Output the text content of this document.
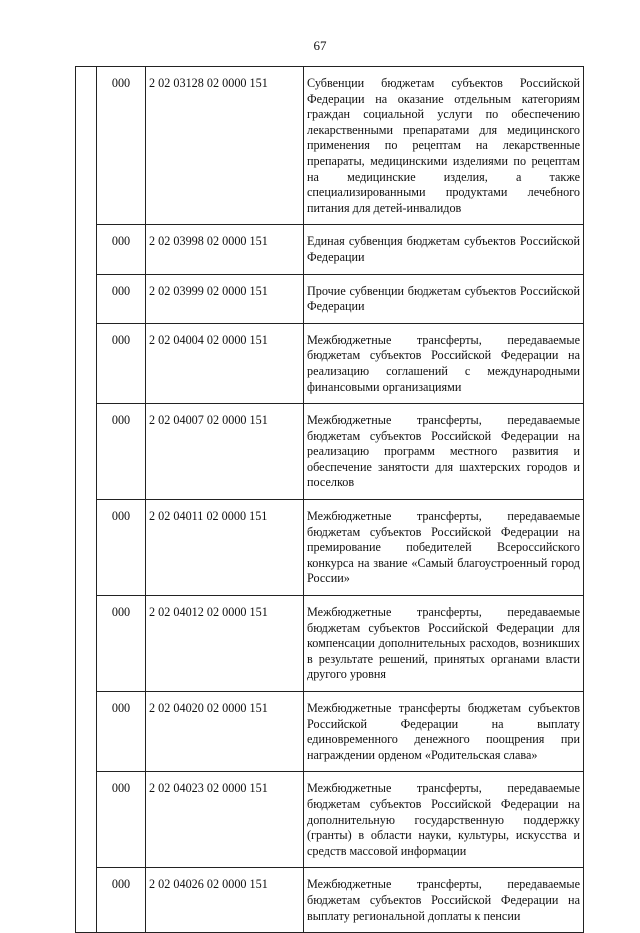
67
	000	2 02 03128 02 0000 151	Субвенции бюджетам субъектов Российской Федерации на оказание отдельным категориям граждан социальной услуги по обеспечению лекарственными препаратами для медицинского применения по рецептам на лекарственные препараты, медицинскими изделиями по рецептам на медицинские изделия, а также специализированными продуктами лечебного питания для детей-инвалидов
	000	2 02 03998 02 0000 151	Единая субвенция бюджетам субъектов Российской Федерации
	000	2 02 03999 02 0000 151	Прочие субвенции бюджетам субъектов Российской Федерации
	000	2 02 04004 02 0000 151	Межбюджетные трансферты, передаваемые бюджетам субъектов Российской Федерации на реализацию соглашений с международными финансовыми организациями
	000	2 02 04007 02 0000 151	Межбюджетные трансферты, передаваемые бюджетам субъектов Российской Федерации на реализацию программ местного развития и обеспечение занятости для шахтерских городов и поселков
	000	2 02 04011 02 0000 151	Межбюджетные трансферты, передаваемые бюджетам субъектов Российской Федерации на премирование победителей Всероссийского конкурса на звание «Самый благоустроенный город России»
	000	2 02 04012 02 0000 151	Межбюджетные трансферты, передаваемые бюджетам субъектов Российской Федерации для компенсации дополнительных расходов, возникших в результате решений, принятых органами власти другого уровня
	000	2 02 04020 02 0000 151	Межбюджетные трансферты бюджетам субъектов Российской Федерации на выплату единовременного денежного поощрения при награждении орденом «Родительская слава»
	000	2 02 04023 02 0000 151	Межбюджетные трансферты, передаваемые бюджетам субъектов Российской Федерации на дополнительную государственную поддержку (гранты) в области науки, культуры, искусства и средств массовой информации
	000	2 02 04026 02 0000 151	Межбюджетные трансферты, передаваемые бюджетам субъектов Российской Федерации на выплату региональной доплаты к пенсии
